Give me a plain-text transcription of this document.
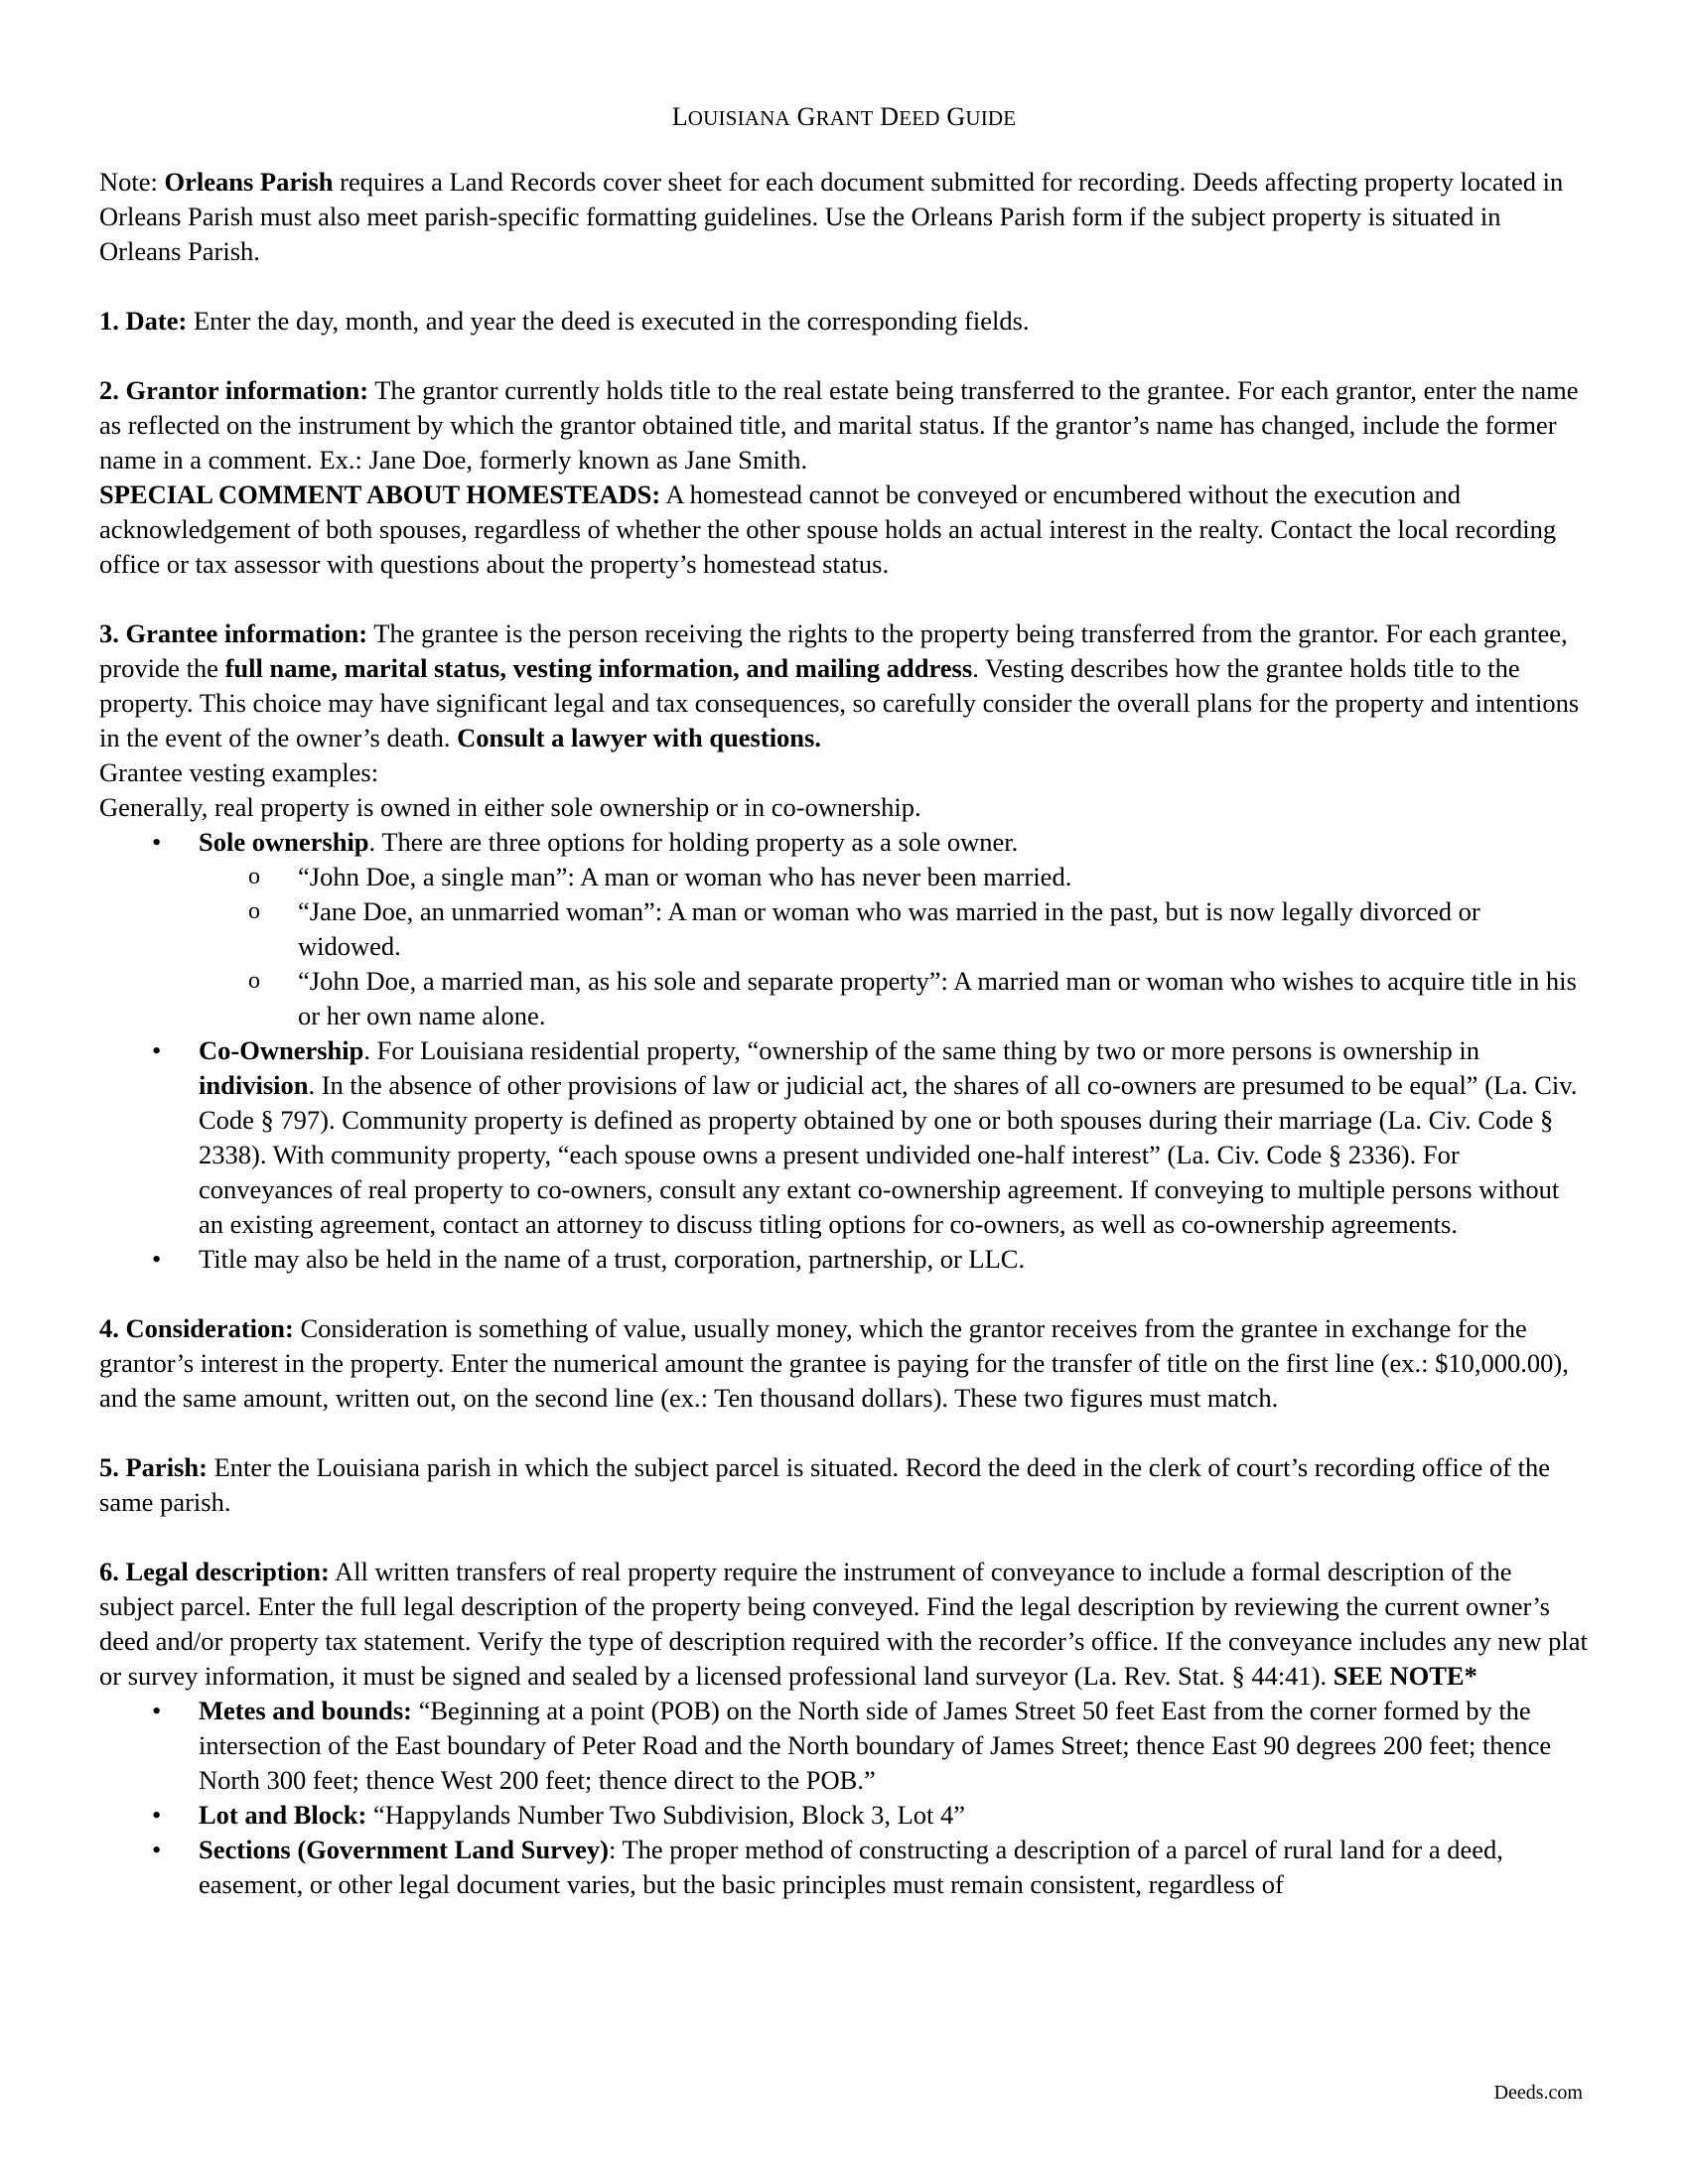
LOUISIANA GRANT DEED GUIDE

Note: Orleans Parish requires a Land Records cover sheet for each document submitted for recording. Deeds affecting property located in Orleans Parish must also meet parish-specific formatting guidelines. Use the Orleans Parish form if the subject property is situated in Orleans Parish.

1. Date: Enter the day, month, and year the deed is executed in the corresponding fields.

2. Grantor information: The grantor currently holds title to the real estate being transferred to the grantee. For each grantor, enter the name as reflected on the instrument by which the grantor obtained title, and marital status. If the grantor’s name has changed, include the former name in a comment. Ex.: Jane Doe, formerly known as Jane Smith.
SPECIAL COMMENT ABOUT HOMESTEADS: A homestead cannot be conveyed or encumbered without the execution and acknowledgement of both spouses, regardless of whether the other spouse holds an actual interest in the realty. Contact the local recording office or tax assessor with questions about the property’s homestead status.

3. Grantee information: The grantee is the person receiving the rights to the property being transferred from the grantor. For each grantee, provide the full name, marital status, vesting information, and mailing address. Vesting describes how the grantee holds title to the property. This choice may have significant legal and tax consequences, so carefully consider the overall plans for the property and intentions in the event of the owner’s death. Consult a lawyer with questions.

Grantee vesting examples:

Generally, real property is owned in either sole ownership or in co-ownership.

• Sole ownership. There are three options for holding property as a sole owner.
o “John Doe, a single man”: A man or woman who has never been married.
o “Jane Doe, an unmarried woman”: A man or woman who was married in the past, but is now legally divorced or widowed.
o “John Doe, a married man, as his sole and separate property”: A married man or woman who wishes to acquire title in his or her own name alone.
• Co-Ownership. For Louisiana residential property, “ownership of the same thing by two or more persons is ownership in indivision. In the absence of other provisions of law or judicial act, the shares of all co-owners are presumed to be equal” (La. Civ. Code § 797). Community property is defined as property obtained by one or both spouses during their marriage (La. Civ. Code § 2338). With community property, “each spouse owns a present undivided one-half interest” (La. Civ. Code § 2336). For conveyances of real property to co-owners, consult any extant co-ownership agreement. If conveying to multiple persons without an existing agreement, contact an attorney to discuss titling options for co-owners, as well as co-ownership agreements.
• Title may also be held in the name of a trust, corporation, partnership, or LLC.

4. Consideration: Consideration is something of value, usually money, which the grantor receives from the grantee in exchange for the grantor’s interest in the property. Enter the numerical amount the grantee is paying for the transfer of title on the first line (ex.: $10,000.00), and the same amount, written out, on the second line (ex.: Ten thousand dollars). These two figures must match.

5. Parish: Enter the Louisiana parish in which the subject parcel is situated. Record the deed in the clerk of court’s recording office of the same parish.

6. Legal description: All written transfers of real property require the instrument of conveyance to include a formal description of the subject parcel. Enter the full legal description of the property being conveyed. Find the legal description by reviewing the current owner’s deed and/or property tax statement. Verify the type of description required with the recorder’s office. If the conveyance includes any new plat or survey information, it must be signed and sealed by a licensed professional land surveyor (La. Rev. Stat. § 44:41). SEE NOTE*

• Metes and bounds: “Beginning at a point (POB) on the North side of James Street 50 feet East from the corner formed by the intersection of the East boundary of Peter Road and the North boundary of James Street; thence East 90 degrees 200 feet; thence North 300 feet; thence West 200 feet; thence direct to the POB.”
• Lot and Block: “Happylands Number Two Subdivision, Block 3, Lot 4”
• Sections (Government Land Survey): The proper method of constructing a description of a parcel of rural land for a deed, easement, or other legal document varies, but the basic principles must remain consistent, regardless of
Deeds.com
